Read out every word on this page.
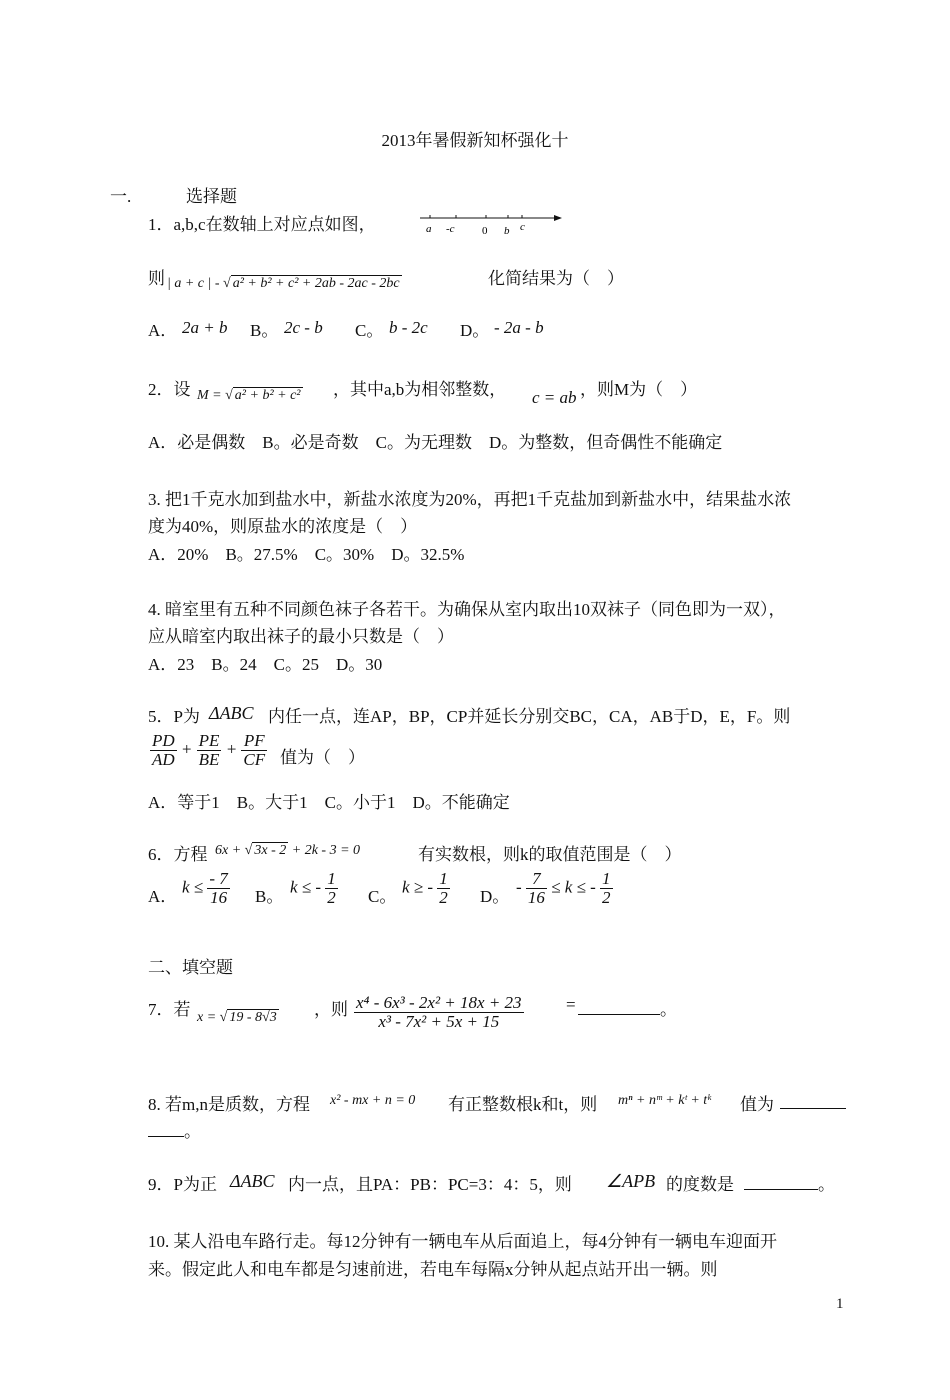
2013年暑假新知杯强化十
一.	选择题
1．a,b,c在数轴上对应点如图，	a -c 0 b c
则 | a + c | - √ a² + b² + c² + 2ab - 2ac - 2bc	化简结果为（　）
A． 2a + b B。 2c - b C。 b - 2c D。 - 2a - b
2．设 M = √ a² + b² + c² ，其中a,b为相邻整数， c = ab ，则M为（　）
A．必是偶数　B。必是奇数　C。为无理数　D。为整数，但奇偶性不能确定
3. 把1千克水加到盐水中，新盐水浓度为20%，再把1千克盐加到新盐水中，结果盐水浓
度为40%，则原盐水的浓度是（　）
A．20%　B。27.5%　C。30%　D。32.5%
4. 暗室里有五种不同颜色袜子各若干。为确保从室内取出10双袜子（同色即为一双），
应从暗室内取出袜子的最小只数是（　）
A．23　B。24　C。25　D。30
5．P为 ΔABC 内任一点，连AP，BP，CP并延长分别交BC，CA，AB于D，E，F。则
$\frac{PD}{AD} + \frac{PE}{BE} + \frac{PF}{CF}$ 值为（　）
A．等于1　B。大于1　C。小于1　D。不能确定
6．方程 6x + √ 3x - 2 + 2k - 3 = 0	有实数根，则k的取值范围是（　）
A．
$k \le \frac{- 7}{16}$ B。
k ≤ - $\frac{1}{2}$ C。
k ≥ - $\frac{1}{2}$ D。
- $\frac{7}{16} \le k$ ≤ - $\frac{1}{2}$
二、填空题
7．若 x = √ 19 - 8√3 ，则 $\frac{\text{x⁴ - 6x³ - 2x² + 18x + 23}}{\text{x³ - 7x² + 5x + 15}}$ =	。
8. 若m,n是质数，方程 x² - mx + n = 0 有正整数根k和t，则 mⁿ + nᵐ + kᵗ + tᵏ 值为
。
9．P为正 ΔABC 内一点，且PA：PB：PC=3：4：5，则 ∠APB 的度数是	。
10. 某人沿电车路行走。每12分钟有一辆电车从后面追上，每4分钟有一辆电车迎面开
来。假定此人和电车都是匀速前进，若电车每隔x分钟从起点站开出一辆。则
1
